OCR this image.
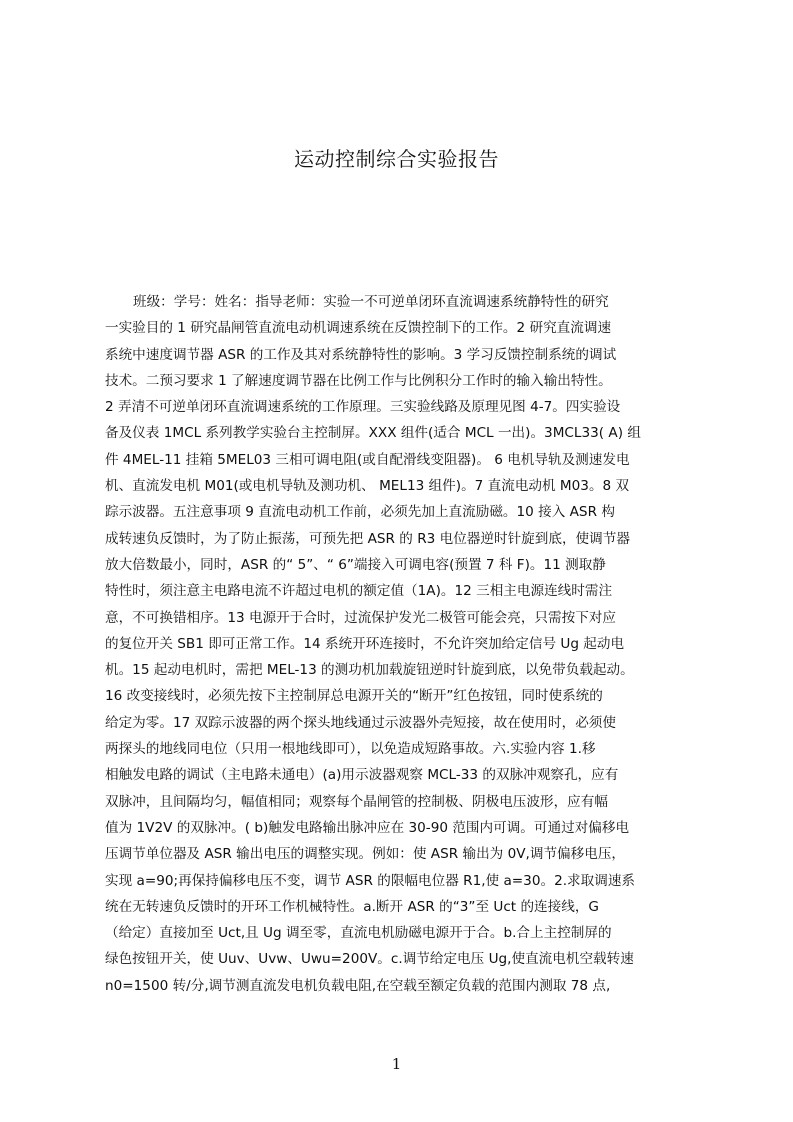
运动控制综合实验报告
班级：学号：姓名：指导老师：实验一不可逆单闭环直流调速系统静特性的研究
一实验目的 1 研究晶闸管直流电动机调速系统在反馈控制下的工作。2 研究直流调速
系统中速度调节器 ASR 的工作及其对系统静特性的影响。3 学习反馈控制系统的调试
技术。二预习要求 1 了解速度调节器在比例工作与比例积分工作时的输入输出特性。
2 弄清不可逆单闭环直流调速系统的工作原理。三实验线路及原理见图 4-7。四实验设
备及仪表 1MCL 系列教学实验台主控制屏。XXX 组件(适合 MCL 一出)。3MCL33( A) 组
件 4MEL-11 挂箱 5MEL03 三相可调电阻(或自配滑线变阻器)。 6 电机导轨及测速发电
机、直流发电机 M01(或电机导轨及测功机、 MEL13 组件)。7 直流电动机 M03。8 双
踪示波器。五注意事项 9 直流电动机工作前，必须先加上直流励磁。10 接入 ASR 构
成转速负反馈时，为了防止振荡，可预先把 ASR 的 R3 电位器逆时针旋到底，使调节器
放大倍数最小，同时，ASR 的“ 5”、“ 6”端接入可调电容(预置 7 科 F)。11 测取静
特性时，须注意主电路电流不许超过电机的额定值（1A)。12 三相主电源连线时需注
意，不可换错相序。13 电源开于合时，过流保护发光二极管可能会亮，只需按下对应
的复位开关 SB1 即可正常工作。14 系统开环连接时，不允许突加给定信号 Ug 起动电
机。15 起动电机时，需把 MEL-13 的测功机加载旋钮逆时针旋到底，以免带负载起动。
16 改变接线时，必须先按下主控制屏总电源开关的“断开”红色按钮，同时使系统的
给定为零。17 双踪示波器的两个探头地线通过示波器外壳短接，故在使用时，必须使
两探头的地线同电位（只用一根地线即可），以免造成短路事故。六.实验内容 1.移
相触发电路的调试（主电路未通电）(a)用示波器观察 MCL-33 的双脉冲观察孔，应有
双脉冲，且间隔均匀，幅值相同；观察每个晶闸管的控制极、阴极电压波形，应有幅
值为 1V2V 的双脉冲。( b)触发电路输出脉冲应在 30-90 范围内可调。可通过对偏移电
压调节单位器及 ASR 输出电压的调整实现。例如：使 ASR 输出为 0V,调节偏移电压，
实现 a=90;再保持偏移电压不变，调节 ASR 的限幅电位器 R1,使 a=30。2.求取调速系
统在无转速负反馈时的开环工作机械特性。a.断开 ASR 的“3”至 Uct 的连接线，G
（给定）直接加至 Uct,且 Ug 调至零，直流电机励磁电源开于合。b.合上主控制屏的
绿色按钮开关，使 Uuv、Uvw、Uwu=200V。c.调节给定电压 Ug,使直流电机空载转速
n0=1500 转/分,调节测直流发电机负载电阻,在空载至额定负载的范围内测取 78 点,
1
